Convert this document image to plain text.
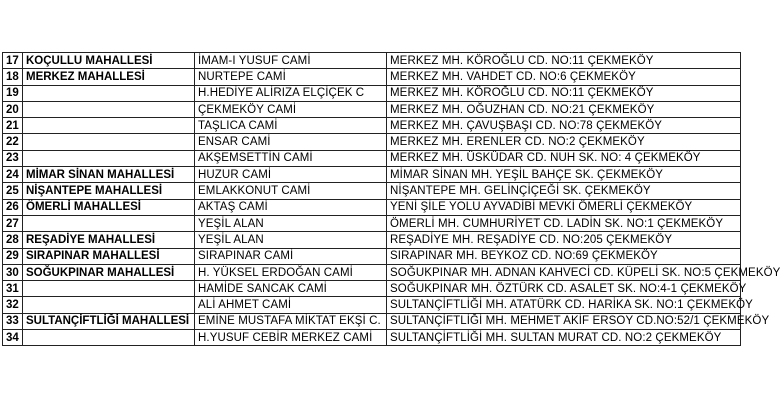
17	KOÇULLU MAHALLESİ	İMAM-I YUSUF CAMİ	MERKEZ MH. KÖROĞLU CD. NO:11 ÇEKMEKÖY
18	MERKEZ MAHALLESİ	NURTEPE CAMİ	MERKEZ MH. VAHDET CD. NO:6 ÇEKMEKÖY
19		H.HEDİYE ALİRIZA ELÇİÇEK C	MERKEZ MH. KÖROĞLU CD. NO:11 ÇEKMEKÖY
20		ÇEKMEKÖY CAMİ	MERKEZ MH. OĞUZHAN CD. NO:21 ÇEKMEKÖY
21		TAŞLICA CAMİ	MERKEZ MH. ÇAVUŞBAŞI CD. NO:78 ÇEKMEKÖY
22		ENSAR CAMİ	MERKEZ MH. ERENLER CD. NO:2 ÇEKMEKÖY
23		AKŞEMSETTİN CAMİ	MERKEZ MH. ÜSKÜDAR CD. NUH SK. NO: 4 ÇEKMEKÖY
24	MİMAR SİNAN MAHALLESİ	HUZUR CAMİ	MİMAR SİNAN MH. YEŞİL BAHÇE SK. ÇEKMEKÖY
25	NİŞANTEPE MAHALLESİ	EMLAKKONUT CAMİ	NİŞANTEPE MH. GELİNÇİÇEĞİ SK. ÇEKMEKÖY
26	ÖMERLİ MAHALLESİ	AKTAŞ CAMİ	YENİ ŞİLE YOLU AYVADİBİ MEVKİ ÖMERLİ ÇEKMEKÖY
27		YEŞİL ALAN	ÖMERLİ MH. CUMHURİYET CD. LADİN SK. NO:1 ÇEKMEKÖY
28	REŞADİYE MAHALLESİ	YEŞİL ALAN	REŞADİYE MH. REŞADİYE CD. NO:205 ÇEKMEKÖY
29	SIRAPINAR MAHALLESİ	SIRAPINAR CAMİ	SIRAPINAR MH. BEYKOZ CD. NO:69 ÇEKMEKÖY
30	SOĞUKPINAR MAHALLESİ	H. YÜKSEL ERDOĞAN CAMİ	SOĞUKPINAR MH. ADNAN KAHVECİ CD. KÜPELİ SK. NO:5 ÇEKMEKÖY
31		HAMİDE SANCAK CAMİ	SOĞUKPINAR MH. ÖZTÜRK CD. ASALET SK. NO:4-1 ÇEKMEKÖY
32		ALİ AHMET CAMİ	SULTANÇİFTLİĞİ MH. ATATÜRK CD. HARİKA SK. NO:1 ÇEKMEKÖY
33	SULTANÇİFTLİĞİ MAHALLESİ	EMİNE MUSTAFA MİKTAT EKŞİ C.	SULTANÇİFTLİĞİ MH. MEHMET AKİF ERSOY CD.NO:52/1 ÇEKMEKÖY
34		H.YUSUF CEBİR MERKEZ CAMİ	SULTANÇİFTLİĞİ MH. SULTAN MURAT CD. NO:2 ÇEKMEKÖY
